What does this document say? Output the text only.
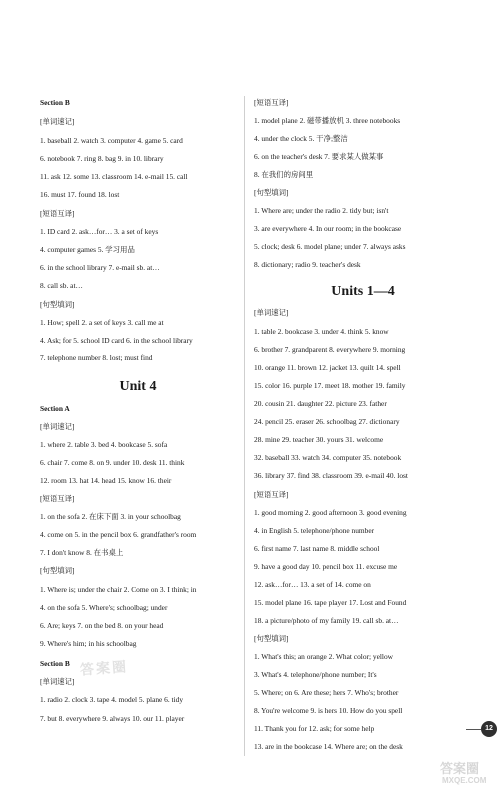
Section B
[单词速记]
1. baseball 2. watch 3. computer 4. game 5. card
6. notebook 7. ring 8. bag 9. in 10. library
11. ask 12. some 13. classroom 14. e-mail 15. call
16. must 17. found 18. lost
[短语互译]
1. ID card 2. ask…for… 3. a set of keys
4. computer games 5. 学习用品
6. in the school library 7. e-mail sb. at…
8. call sb. at…
[句型填词]
1. How; spell 2. a set of keys 3. call me at
4. Ask; for 5. school ID card 6. in the school library
7. telephone number 8. lost; must find
Unit 4
Section A
[单词速记]
1. where 2. table 3. bed 4. bookcase 5. sofa
6. chair 7. come 8. on 9. under 10. desk 11. think
12. room 13. hat 14. head 15. know 16. their
[短语互译]
1. on the sofa 2. 在床下面 3. in your schoolbag
4. come on 5. in the pencil box 6. grandfather's room
7. I don't know 8. 在书桌上
[句型填词]
1. Where is; under the chair 2. Come on 3. I think; in
4. on the sofa 5. Where's; schoolbag; under
6. Are; keys 7. on the bed 8. on your head
9. Where's him; in his schoolbag
Section B
[单词速记]
1. radio 2. clock 3. tape 4. model 5. plane 6. tidy
7. but 8. everywhere 9. always 10. our 11. player
[短语互译]
1. model plane 2. 磁带播放机 3. three notebooks
4. under the clock 5. 干净;整洁
6. on the teacher's desk 7. 要求某人做某事
8. 在我们的房间里
[句型填词]
1. Where are; under the radio 2. tidy but; isn't
3. are everywhere 4. In our room; in the bookcase
5. clock; desk 6. model plane; under 7. always asks
8. dictionary; radio 9. teacher's desk
Units 1—4
[单词速记]
1. table 2. bookcase 3. under 4. think 5. know
6. brother 7. grandparent 8. everywhere 9. morning
10. orange 11. brown 12. jacket 13. quilt 14. spell
15. color 16. purple 17. meet 18. mother 19. family
20. cousin 21. daughter 22. picture 23. father
24. pencil 25. eraser 26. schoolbag 27. dictionary
28. mine 29. teacher 30. yours 31. welcome
32. baseball 33. watch 34. computer 35. notebook
36. library 37. find 38. classroom 39. e-mail 40. lost
[短语互译]
1. good morning 2. good afternoon 3. good evening
4. in English 5. telephone/phone number
6. first name 7. last name 8. middle school
9. have a good day 10. pencil box 11. excuse me
12. ask…for… 13. a set of 14. come on
15. model plane 16. tape player 17. Lost and Found
18. a picture/photo of my family 19. call sb. at…
[句型填词]
1. What's this; an orange 2. What color; yellow
3. What's 4. telephone/phone number; It's
5. Where; on 6. Are these; hers 7. Who's; brother
8. You're welcome 9. is hers 10. How do you spell
11. Thank you for 12. ask; for some help
13. are in the bookcase 14. Where are; on the desk
12
答案圈
答案圈
MXQE.COM
